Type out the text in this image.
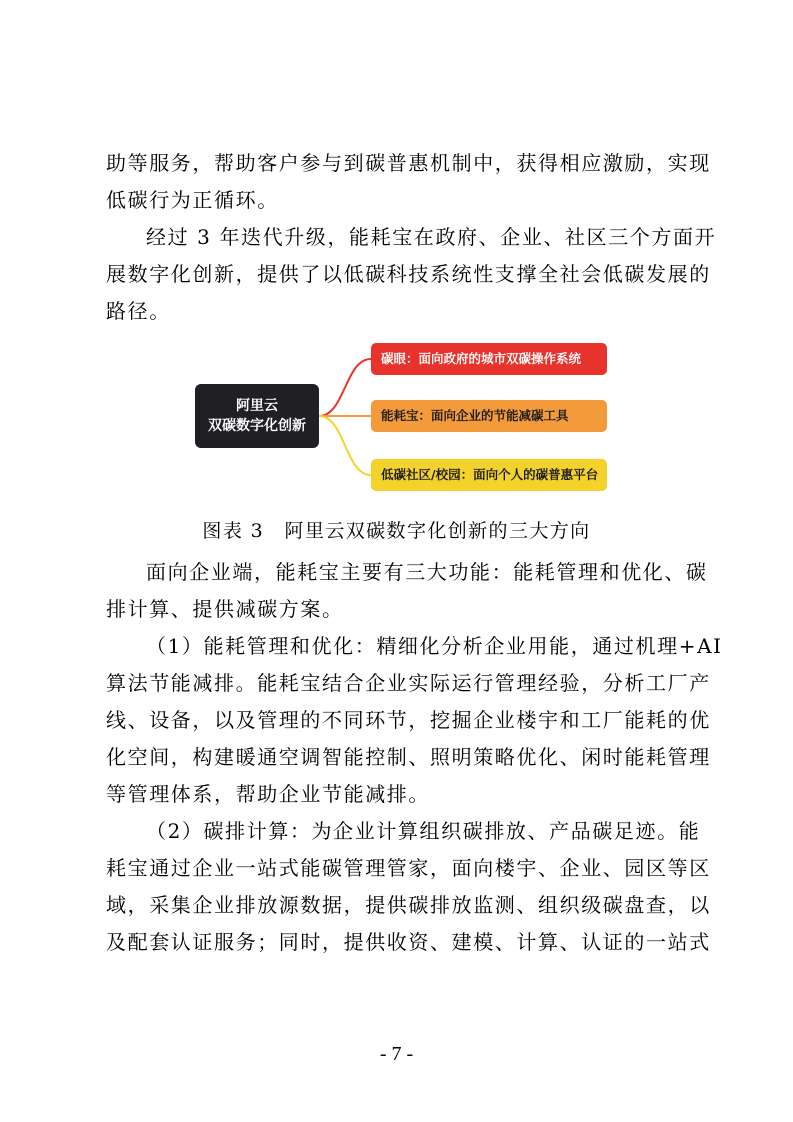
助等服务，帮助客户参与到碳普惠机制中，获得相应激励，实现
低碳行为正循环。
经过 3 年迭代升级，能耗宝在政府、企业、社区三个方面开
展数字化创新，提供了以低碳科技系统性支撑全社会低碳发展的
路径。
阿里云
双碳数字化创新
碳眼：面向政府的城市双碳操作系统
能耗宝：面向企业的节能减碳工具
低碳社区/校园：面向个人的碳普惠平台
图表 3　阿里云双碳数字化创新的三大方向
面向企业端，能耗宝主要有三大功能：能耗管理和优化、碳
排计算、提供减碳方案。
（1）能耗管理和优化：精细化分析企业用能，通过机理+AI
算法节能减排。能耗宝结合企业实际运行管理经验，分析工厂产
线、设备，以及管理的不同环节，挖掘企业楼宇和工厂能耗的优
化空间，构建暖通空调智能控制、照明策略优化、闲时能耗管理
等管理体系，帮助企业节能减排。
（2）碳排计算：为企业计算组织碳排放、产品碳足迹。能
耗宝通过企业一站式能碳管理管家，面向楼宇、企业、园区等区
域，采集企业排放源数据，提供碳排放监测、组织级碳盘查，以
及配套认证服务；同时，提供收资、建模、计算、认证的一站式
- 7 -
